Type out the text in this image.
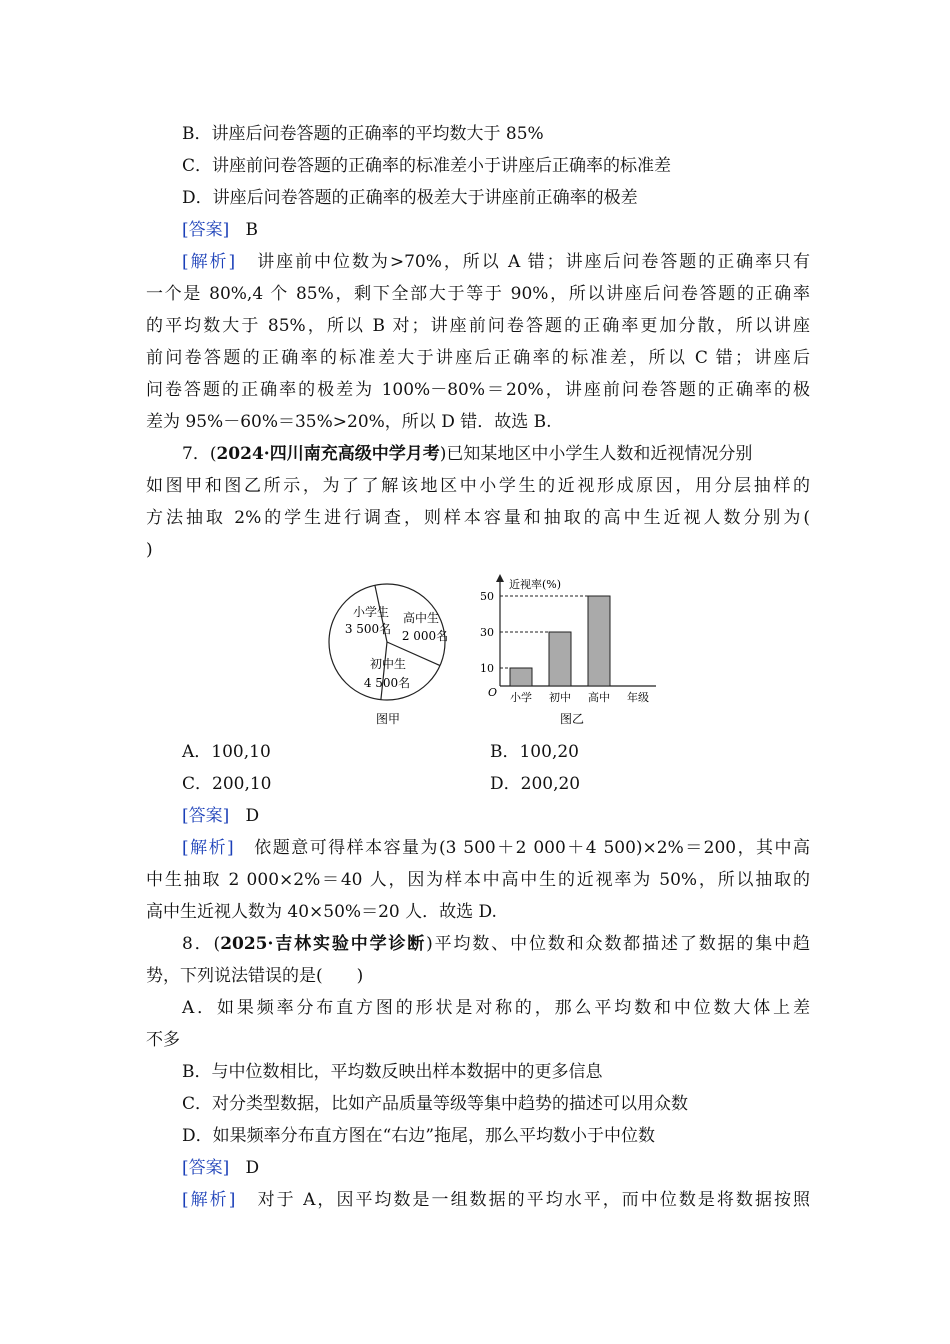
B．讲座后问卷答题的正确率的平均数大于 85%
C．讲座前问卷答题的正确率的标准差小于讲座后正确率的标准差
D．讲座后问卷答题的正确率的极差大于讲座前正确率的极差
[答案] B
[解析] 讲座前中位数为>70%，所以 A 错；讲座后问卷答题的正确率只有
一个是 80%,4 个 85%，剩下全部大于等于 90%，所以讲座后问卷答题的正确率
的平均数大于 85%，所以 B 对；讲座前问卷答题的正确率更加分散，所以讲座
前问卷答题的正确率的标准差大于讲座后正确率的标准差，所以 C 错；讲座后
问卷答题的正确率的极差为 100%－80%＝20%，讲座前问卷答题的正确率的极
差为 95%－60%＝35%>20%，所以 D 错．故选 B.
7．(2024·四川南充高级中学月考)已知某地区中小学生人数和近视情况分别
如图甲和图乙所示，为了了解该地区中小学生的近视形成原因，用分层抽样的
方法抽取 2%的学生进行调查，则样本容量和抽取的高中生近视人数分别为(
)
小学生
3 500名
高中生
2 000名
初中生
4 500名
图甲
近视率(%)
O	年级
小学 初中 高中
10
30
50
图乙
A．100,10	B．100,20
C．200,10	D．200,20
[答案] D
[解析] 依题意可得样本容量为(3 500＋2 000＋4 500)×2%＝200，其中高
中生抽取 2 000×2%＝40 人，因为样本中高中生的近视率为 50%，所以抽取的
高中生近视人数为 40×50%＝20 人．故选 D.
8．(2025·吉林实验中学诊断)平均数、中位数和众数都描述了数据的集中趋
势，下列说法错误的是(　　)
A．如果频率分布直方图的形状是对称的，那么平均数和中位数大体上差
不多
B．与中位数相比，平均数反映出样本数据中的更多信息
C．对分类型数据，比如产品质量等级等集中趋势的描述可以用众数
D．如果频率分布直方图在“右边”拖尾，那么平均数小于中位数
[答案] D
[解析] 对于 A，因平均数是一组数据的平均水平，而中位数是将数据按照
